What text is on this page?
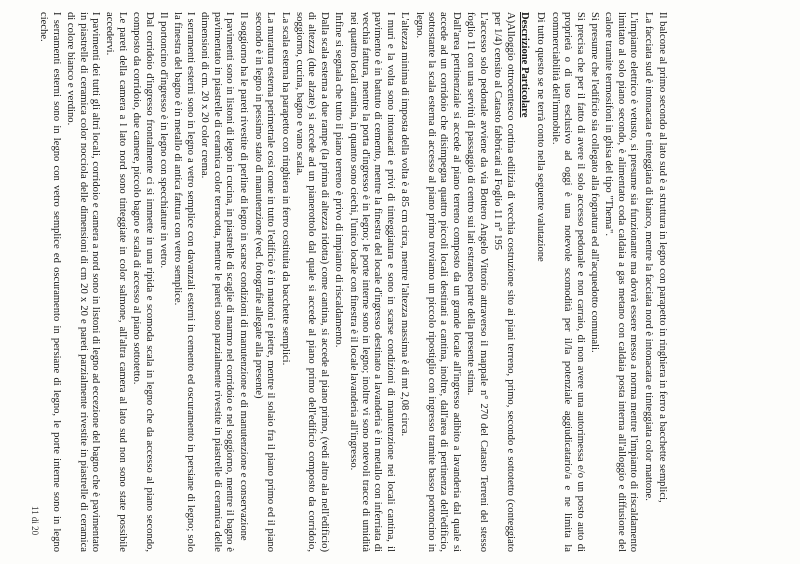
Il balcone al primo secondo al lato sud è a struttura in legno con parapetto in ringhiera in ferro a bacchette semplici,

La facciata sud è intonacata e tinteggiata di bianco, mentre la facciata nord è intonacata e tinteggiata color mattone.

L'impianto elettrico è vetusto, si presume sia funzionante ma dovrà essere messo a norma mentre l'impianto di riscaldamento limitato al solo piano secondo, è alimentato coda caldaia a gas metano con caldaia posta interna all'alloggio e diffusione del calore tramite termosifoni in ghisa del tipo "Thema".

Si presume che l'edificio sia collegato alla fognatura ed all'acquedotto comunali.

Si precisa che per il fatto di avere il solo accesso pedonale e non carraio, di non avere una autorimessa e/o un posto auto di proprietà o di uso esclusivo ad oggi è una notevole scomodità per il/la potenziale aggiudicatario/a e ne limita la commerciabilità dell'immobile.

Di tutto questo se ne terrà conto nella seguente valutazione

Descrizione Particolare

A)Alloggio ottrocentesco cortina edilizia di vecchia costruzione sito ai piani terreno, primo, secondo e sottotetto (conteggiato per 1/4) censito al Catasto fabbricati al Foglio 11 n° 195

L'accesso solo pedonale avviene da via Bottero Angelo Vittorio attraverso il mappale n° 270 del Catasto Terreni del stesso foglio 11 con una servitù di passaggio di centro sui lati estraneo parte della presente stima.

Dall'area pertinenziale si accede al piano terreno composto da un grande locale all'ingresso adibito a lavanderia dal quale si accede ad un corridoio che disimpegna quattro piccoli locali destinati a cantina, inoltre, dall'area di pertinenza dell'edificio, sottostante la scala esterna di accesso al piano primo troviamo un piccolo ripostiglio con ingresso tramite basso portoncino in legno.

L'altezza minima di imposta della volta è a 85 cm circa, mentre l'altezza massima è di mt 2,08 circa.

I muri e la volta sono intonacati e privi di tinteggiatura e sono in scarse condizioni di manutenzione nei locali cantina, il pavimento è in battuto di cemento, mentre la finestra del locale d'ingresso destinato a lavanderia è in metallo con inferriata di vecchia fattura, mentre la porta d'ingresso è in legno; le porte interne sono in legno; inoltre vi sono notevoli tracce di umidità nei quattro locali cantina, in quanto sono ciechi, l'unico locale con finestra è il locale lavanderia all'ingresso.

Infine si segnala che tutto il piano terreno è privo di impianto di riscaldamento.

Dalla scala esterna a due rampe (la prima di altezza ridotta) come cantina, si accede al piano primo, (vedi altro ala nell'edificio) di altezza (due alzate) si accede ad un pianerottolo dal quale si accede al piano primo dell'edificio composto da corridoio, soggiorno, cucina, bagno e vano scala.

La scala esterna ha parapetto con ringhiera in ferro costituita da bacchette semplici.

La muratura esterna perimetrale così come in tutto l'edificio è in mattoni e pietre, mentre il solaio fra il piano primo ed il piano secondo è in legno in pessimo stato di manutenzione (ved. fotografie allegate alla presente)

Il soggiorno ha le pareti rivestite di perline di legno in scarse condizioni di manutenzione e di manutenzione e conservazione

I pavimenti sono in listoni di legno in cucina, in piastrelle di scaglie di marmo nel corridoio e nel soggiorno, mentre il bagno è pavimentato in piastrelle di ceramica color terracotta, mentre le pareti sono parzialmente rivestite in piastrelle di ceramica delle dimensioni di cm. 20 x 20 color crema.

I serramenti esterni sono in legno a vetro semplice con davanzali esterni in cemento ed oscuramento in persiane di legno; solo la finestra del bagno è in metallo di antica fattura con vetro semplice.

Il portoncino d'ingresso è in legno con specchiature in vetro.

Dal corridoio d'ingresso frontalmente ci si immette in una ripida e scomoda scala in legno che da accesso al piano secondo, composto da corridoio, due camere, piccolo bagno e scala di accesso al piano sottotetto.

Le pareti della camera a l lato nord sono tinteggiate in color salmone, all'altra camera al lato sud non sono state possibile accedervi.

I pavimenti dei tutti gli altri locali, corridoio e camera a nord sono in listoni di legno ad eccezione del bagno che è pavimentato in piastrelle di ceramica color nocciola delle dimensioni di cm 20 x 20 e pareti parzialmente rivestite in piastrelle di ceramica di colore bianco e verdino.

I serramenti esterni sono in legno con vetro semplice ed oscuramento in persiane di legno, le porte interne sono in legno cieche.

11 di 20
